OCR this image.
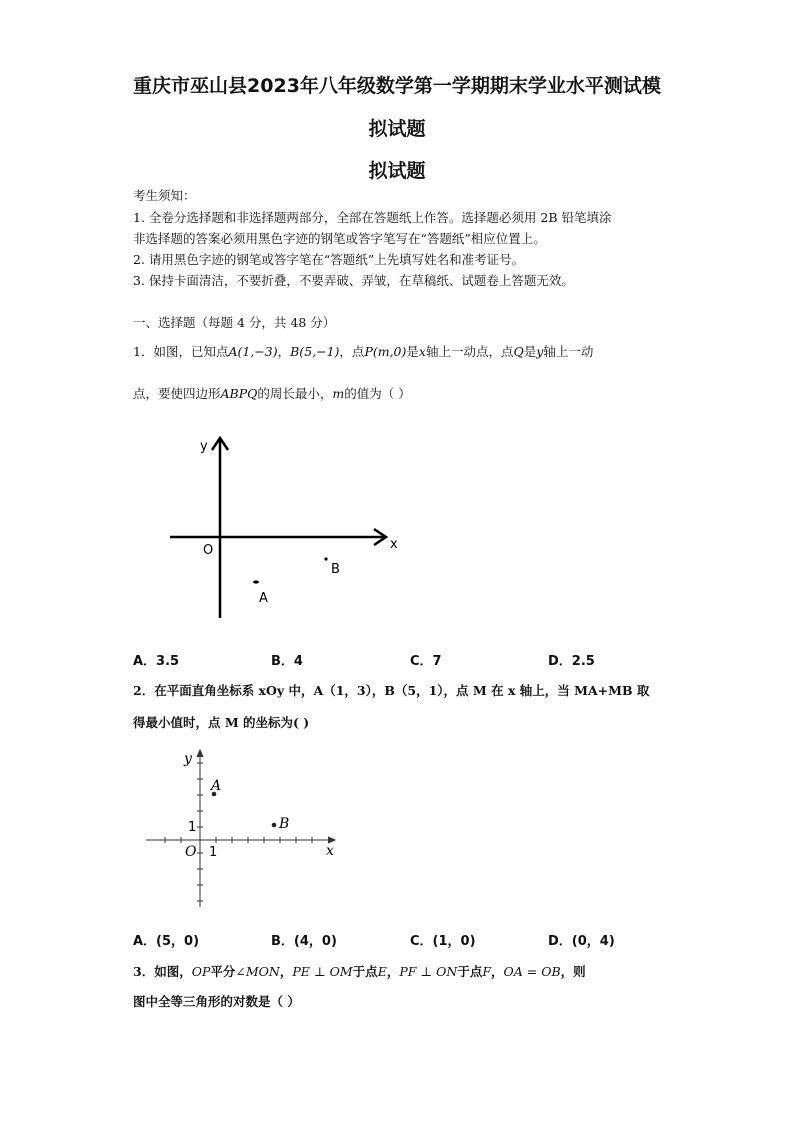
重庆市巫山县2023年八年级数学第一学期期末学业水平测试模
拟试题
拟试题
考生须知：
1. 全卷分选择题和非选择题两部分，全部在答题纸上作答。选择题必须用 2B 铅笔填涂
非选择题的答案必须用黑色字迹的钢笔或答字笔写在“答题纸”相应位置上。
2. 请用黑色字迹的钢笔或答字笔在“答题纸”上先填写姓名和准考证号。
3. 保持卡面清洁，不要折叠，不要弄破、弄皱，在草稿纸、试题卷上答题无效。
一、选择题（每题 4 分，共 48 分）
1．如图，已知点A(1,−3)，B(5,−1)，点P(m,0)是x轴上一动点，点Q是y轴上一动
点，要使四边形ABPQ的周长最小，m的值为（ ）
y
x
O
B
A
A．3.5	B．4	C．7	D．2.5
2．在平面直角坐标系 xOy 中，A（1，3），B（5，1），点 M 在 x 轴上，当 MA+MB 取
得最小值时，点 M 的坐标为( )
y
x
O 1
1
A
B
A．(5，0)	B．(4，0)	C．(1，0)	D．(0，4)
3．如图，OP平分∠MON，PE ⊥ OM于点E，PF ⊥ ON于点F，OA = OB，则
图中全等三角形的对数是（ ）
